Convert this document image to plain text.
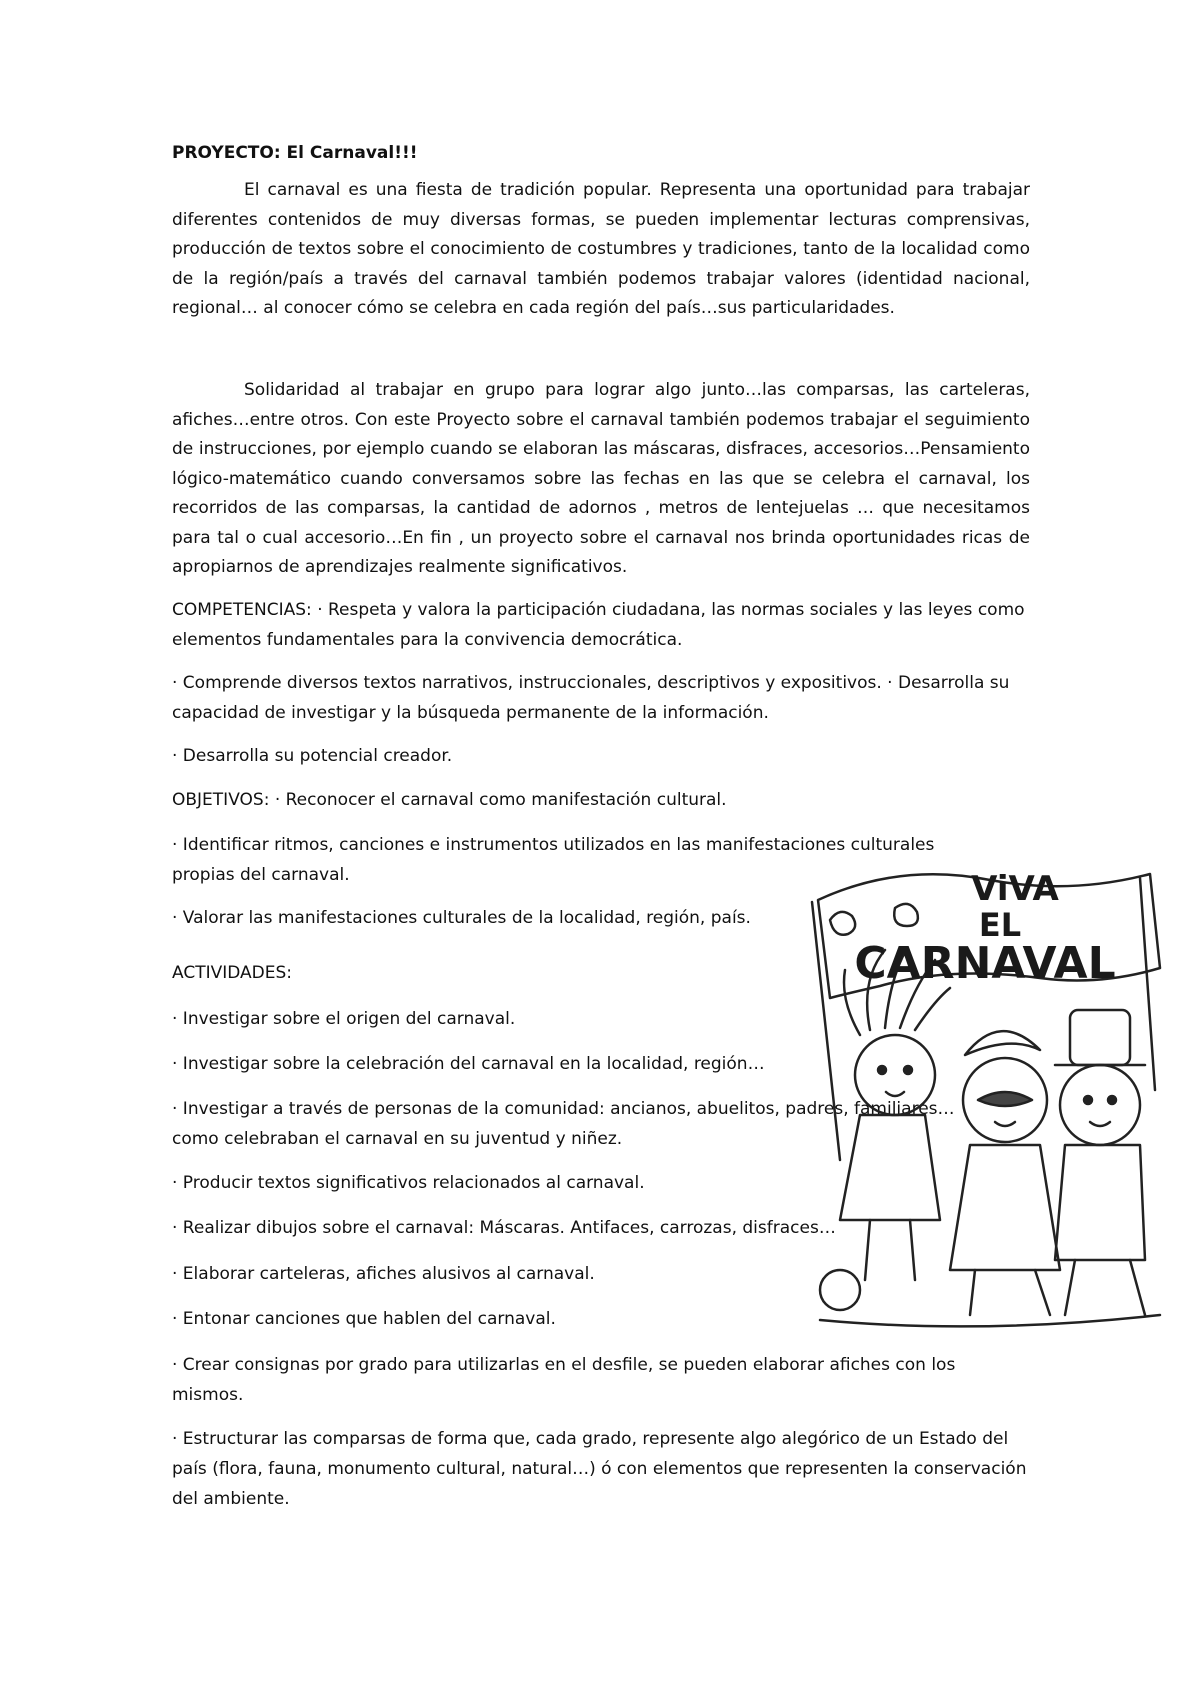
PROYECTO: El Carnaval!!!

El carnaval es una fiesta de tradición popular. Representa una oportunidad para trabajar diferentes contenidos de muy diversas formas, se pueden implementar lecturas comprensivas, producción de textos sobre el conocimiento de costumbres y tradiciones, tanto de la localidad como de la región/país a través del carnaval también podemos trabajar valores (identidad nacional, regional… al conocer cómo se celebra en cada región del país…sus particularidades.

Solidaridad al trabajar en grupo para lograr algo junto…las comparsas, las carteleras, afiches…entre otros. Con este Proyecto sobre el carnaval también podemos trabajar el seguimiento de instrucciones, por ejemplo cuando se elaboran las máscaras, disfraces, accesorios…Pensamiento lógico-matemático cuando conversamos sobre las fechas en las que se celebra el carnaval, los recorridos de las comparsas, la cantidad de adornos , metros de lentejuelas … que necesitamos para tal o cual accesorio…En fin , un proyecto sobre el carnaval nos brinda oportunidades ricas de apropiarnos de aprendizajes realmente significativos.

COMPETENCIAS: · Respeta y valora la participación ciudadana, las normas sociales y las leyes como elementos fundamentales para la convivencia democrática.

· Comprende diversos textos narrativos, instruccionales, descriptivos y expositivos. · Desarrolla su capacidad de investigar y la búsqueda permanente de la información.

· Desarrolla su potencial creador.

OBJETIVOS: · Reconocer el carnaval como manifestación cultural.

· Identificar ritmos, canciones e instrumentos utilizados en las manifestaciones culturales propias del carnaval.

· Valorar las manifestaciones culturales de la localidad, región, país.

ACTIVIDADES:

· Investigar sobre el origen del carnaval.

· Investigar sobre la celebración del carnaval en la localidad, región…

· Investigar a través de personas de la comunidad: ancianos, abuelitos, padres, familiares… como celebraban el carnaval en su juventud y niñez.

· Producir textos significativos relacionados al carnaval.

· Realizar dibujos sobre el carnaval: Máscaras. Antifaces, carrozas, disfraces…

· Elaborar carteleras, afiches alusivos al carnaval.

· Entonar canciones que hablen del carnaval.

· Crear consignas por grado para utilizarlas en el desfile, se pueden elaborar afiches con los mismos.

· Estructurar las comparsas de forma que, cada grado, represente algo alegórico de un Estado del país (flora, fauna, monumento cultural, natural…) ó con elementos que representen la conservación del ambiente.

ViVA
EL
CARNAVAL
